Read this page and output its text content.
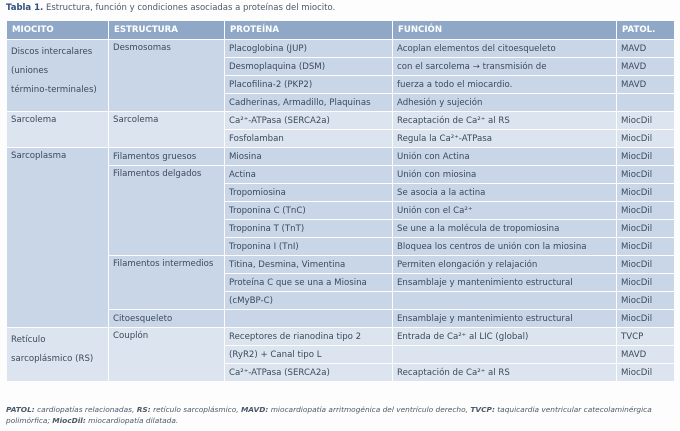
Tabla 1. Estructura, función y condiciones asociadas a proteínas del miocito.
MIOCITO	ESTRUCTURA	PROTEÍNA	FUNCIÓN	PATOL.

Discos intercalares
(uniones
término-terminales)	Desmosomas	Placoglobina (JUP)	Acoplan elementos del citoesqueleto	MAVD
		Desmoplaquina (DSM)	con el sarcolema → transmisión de	MAVD
		Placofilina-2 (PKP2)	fuerza a todo el miocardio.	MAVD
		Cadherinas, Armadillo, Plaquinas	Adhesión y sujeción	
Sarcolema	Sarcolema	Ca²⁺-ATPasa (SERCA2a)	Recaptación de Ca²⁺ al RS	MiocDil
		Fosfolamban	Regula la Ca²⁺-ATPasa	MiocDil
Sarcoplasma	Filamentos gruesos	Miosina	Unión con Actina	MiocDil
	Filamentos delgados	Actina	Unión con miosina	MiocDil
		Tropomiosina	Se asocia a la actina	MiocDil
		Troponina C (TnC)	Unión con el Ca²⁺	MiocDil
		Troponina T (TnT)	Se une a la molécula de tropomiosina	MiocDil
		Troponina I (TnI)	Bloquea los centros de unión con la miosina	MiocDil
	Filamentos intermedios	Titina, Desmina, Vimentina	Permiten elongación y relajación	MiocDil
		Proteína C que se una a Miosina	Ensamblaje y mantenimiento estructural	MiocDil
		(cMyBP-C)		MiocDil
	Citoesqueleto		Ensamblaje y mantenimiento estructural	MiocDil

Retículo
sarcoplásmico (RS)	Couplón	Receptores de rianodina tipo 2	Entrada de Ca²⁺ al LIC (global)	TVCP
		(RyR2) + Canal tipo L		MAVD
		Ca²⁺-ATPasa (SERCA2a)	Recaptación de Ca²⁺ al RS	MiocDil
PATOL: cardiopatías relacionadas, RS: retículo sarcoplásmico, MAVD: miocardiopatía arritmogénica del ventrículo derecho, TVCP: taquicardia ventricular catecolaminérgica polimórfica; MiocDil: miocardiopatía dilatada.
